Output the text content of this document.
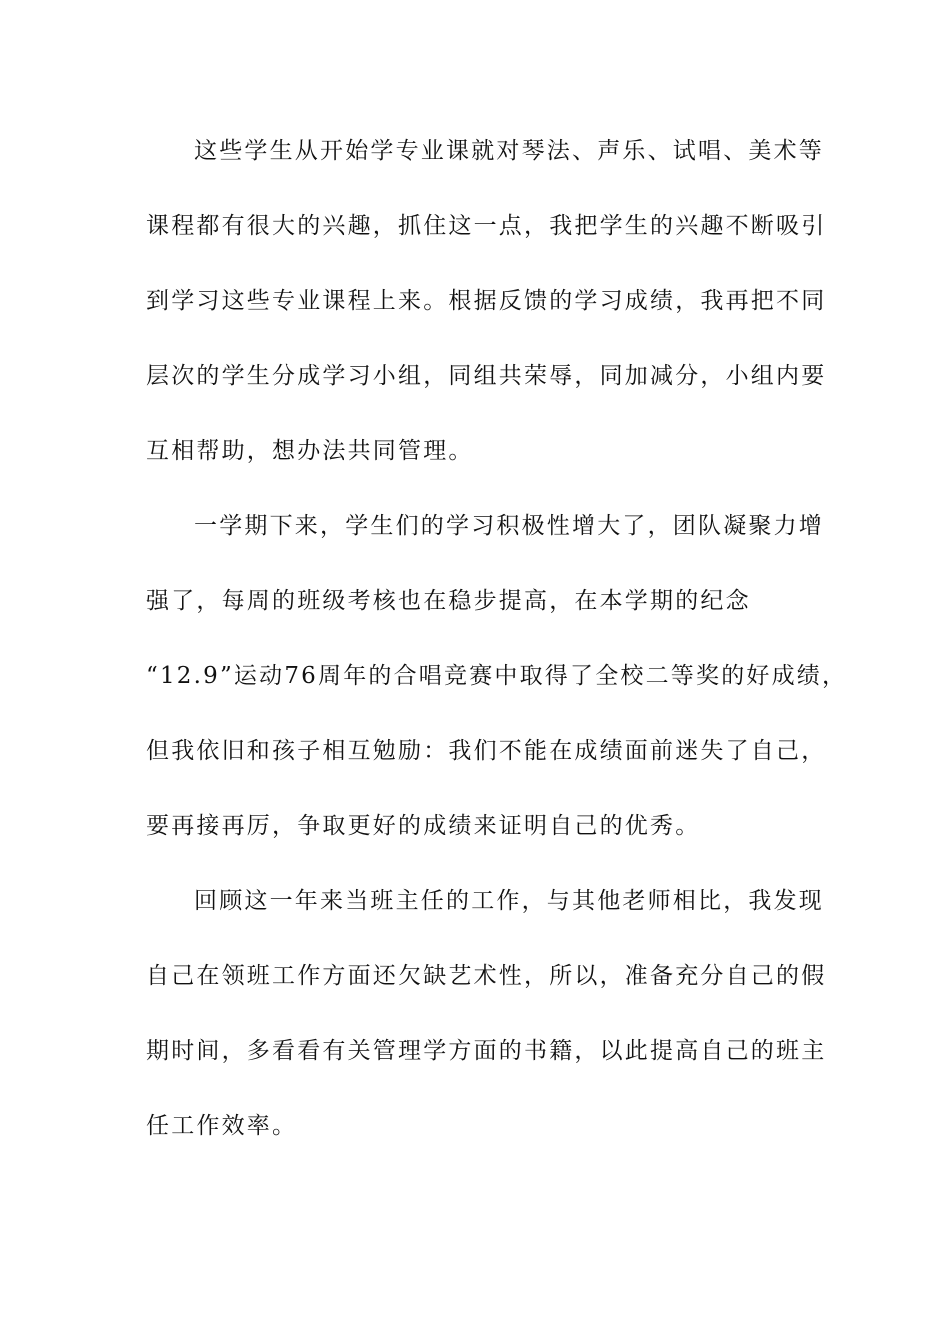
这些学生从开始学专业课就对琴法、声乐、试唱、美术等
课程都有很大的兴趣，抓住这一点，我把学生的兴趣不断吸引
到学习这些专业课程上来。根据反馈的学习成绩，我再把不同
层次的学生分成学习小组，同组共荣辱，同加减分，小组内要
互相帮助，想办法共同管理。
一学期下来，学生们的学习积极性增大了，团队凝聚力增
强了，每周的班级考核也在稳步提高，在本学期的纪念
“12.9”运动76周年的合唱竞赛中取得了全校二等奖的好成绩，
但我依旧和孩子相互勉励：我们不能在成绩面前迷失了自己，
要再接再厉，争取更好的成绩来证明自己的优秀。
回顾这一年来当班主任的工作，与其他老师相比，我发现
自己在领班工作方面还欠缺艺术性，所以，准备充分自己的假
期时间，多看看有关管理学方面的书籍，以此提高自己的班主
任工作效率。
